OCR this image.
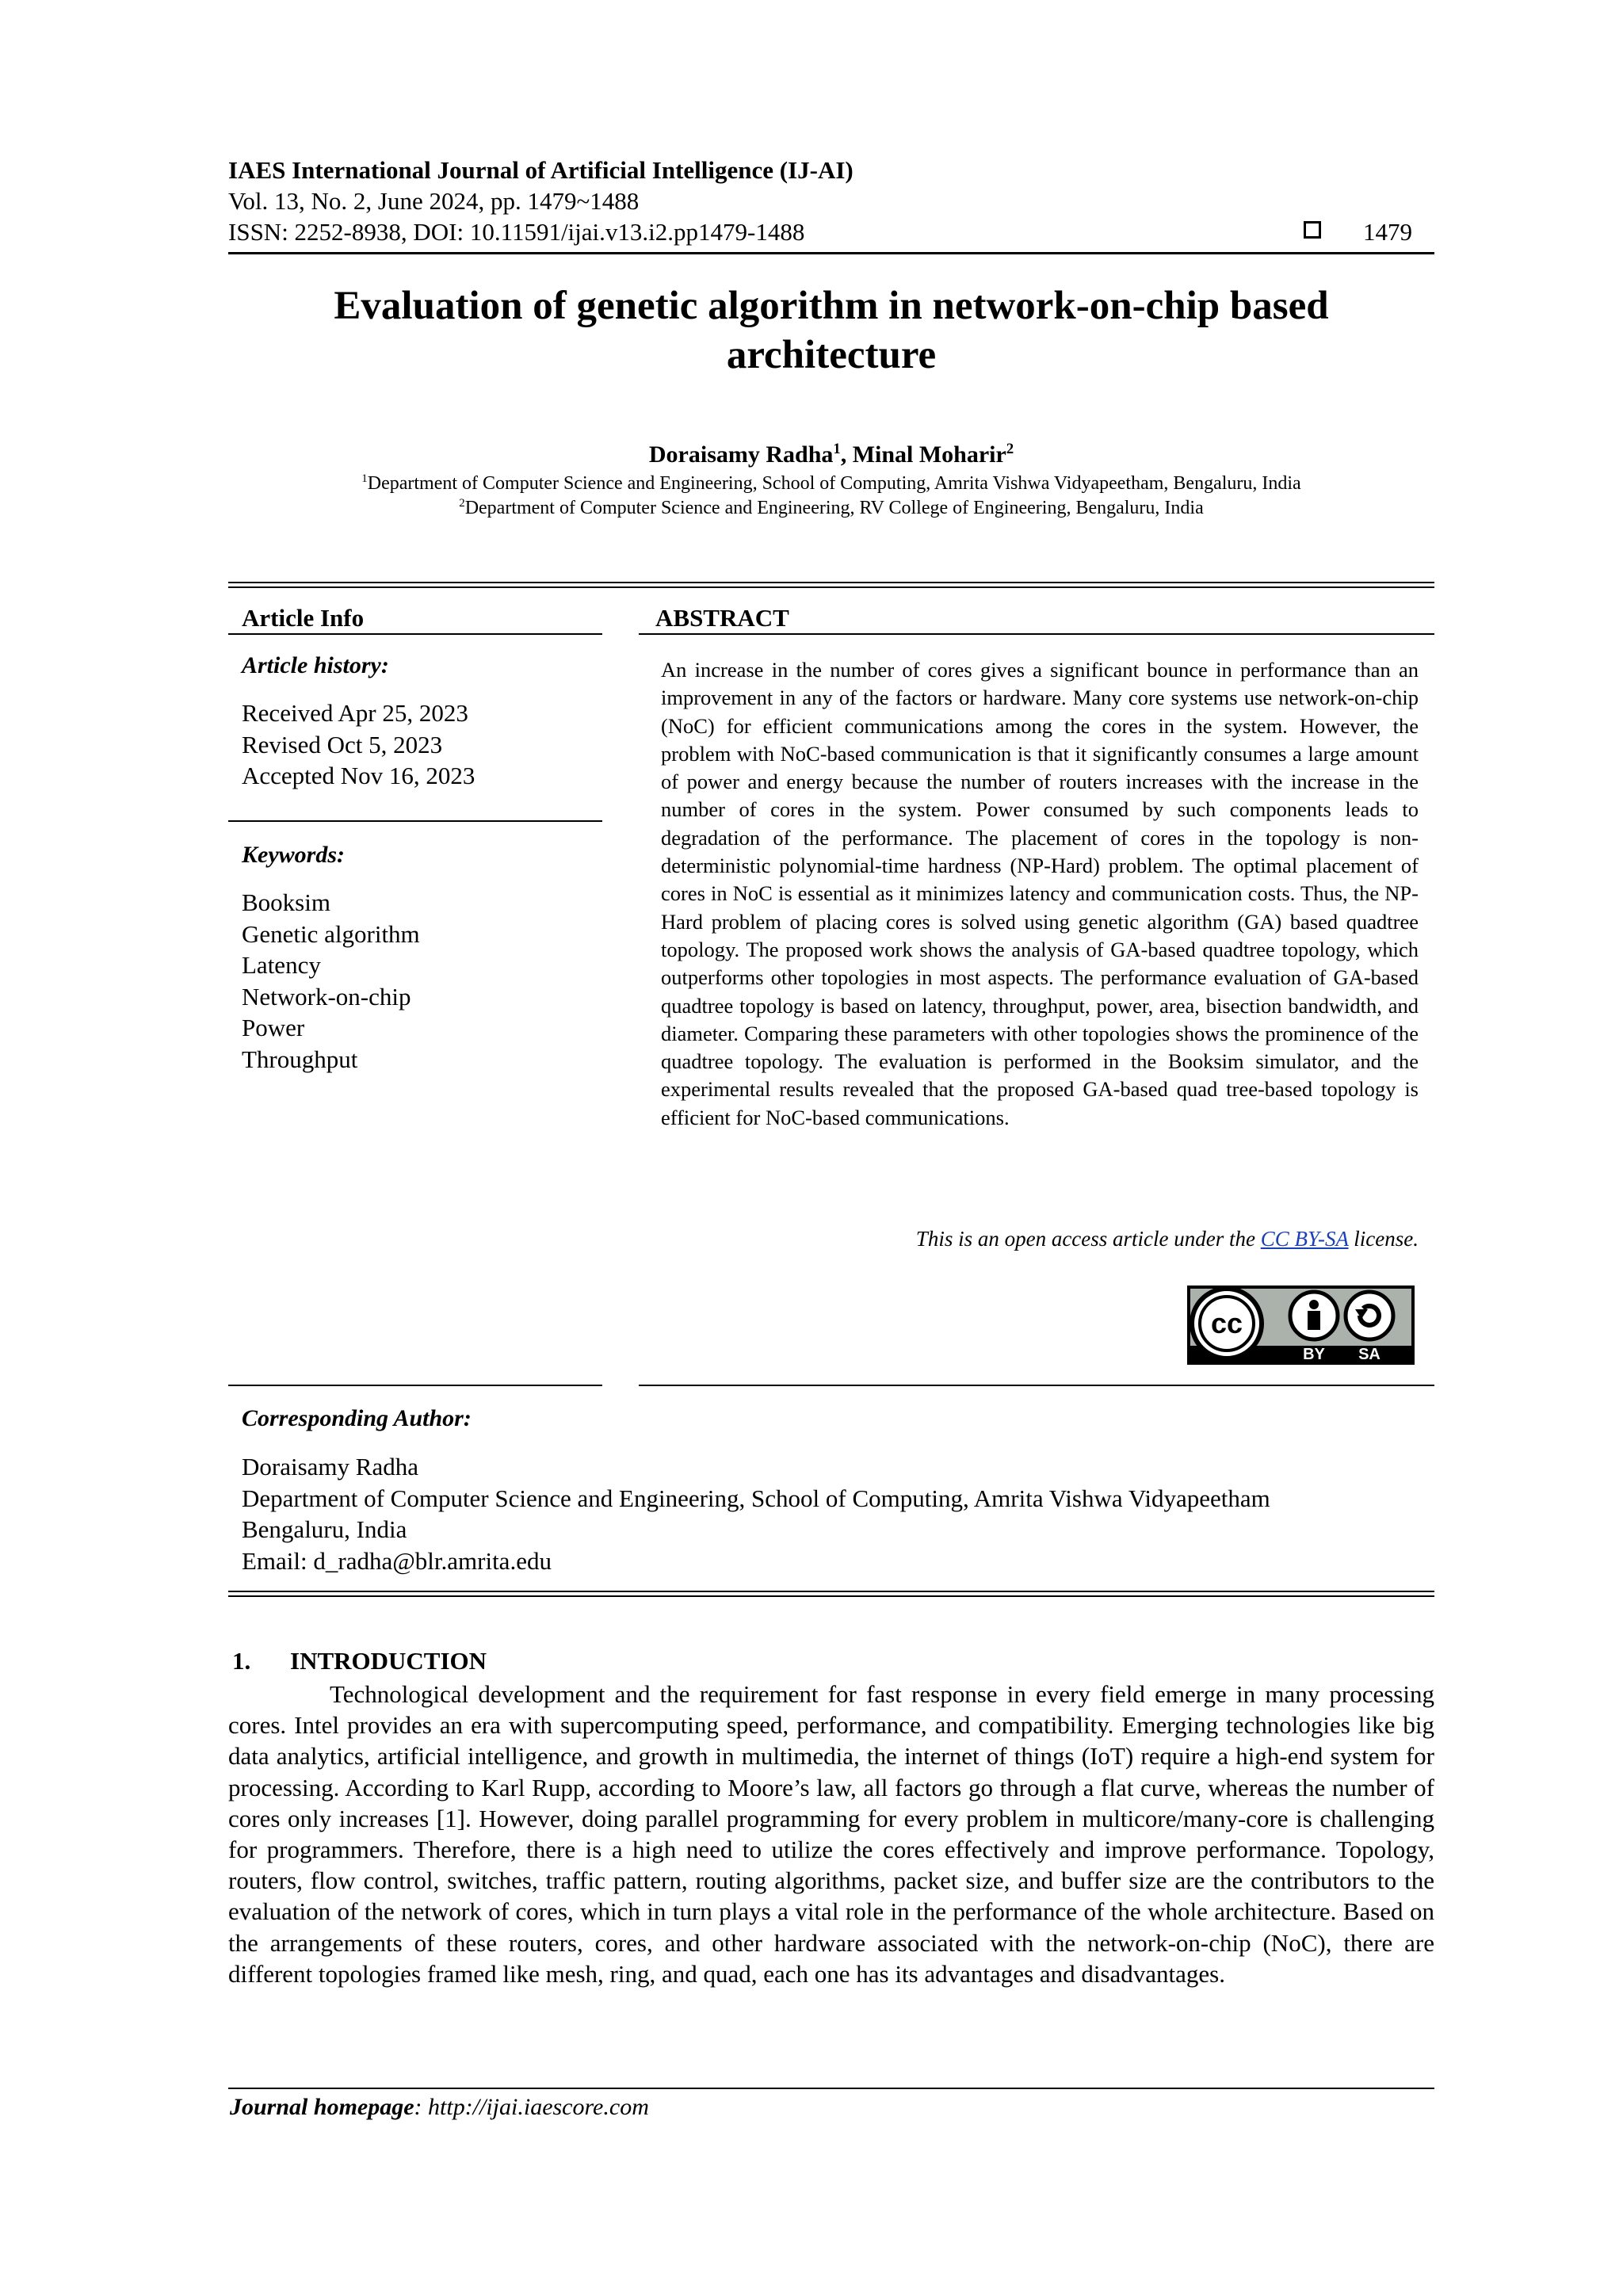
IAES International Journal of Artificial Intelligence (IJ-AI)
Vol. 13, No. 2, June 2024, pp. 1479~1488
ISSN: 2252-8938, DOI: 10.11591/ijai.v13.i2.pp1479-1488	1479
Evaluation of genetic algorithm in network-on-chip based architecture
Doraisamy Radha$^1$, Minal Moharir$^2$
$^1$Department of Computer Science and Engineering, School of Computing, Amrita Vishwa Vidyapeetham, Bengaluru, India
$^2$Department of Computer Science and Engineering, RV College of Engineering, Bengaluru, India
Article Info
Article history:
Received Apr 25, 2023
Revised Oct 5, 2023
Accepted Nov 16, 2023
Keywords:
Booksim
Genetic algorithm
Latency
Network-on-chip
Power
Throughput
ABSTRACT
An increase in the number of cores gives a significant bounce in performance than an improvement in any of the factors or hardware. Many core systems use network-on-chip (NoC) for efficient communications among the cores in the system. However, the problem with NoC-based communication is that it significantly consumes a large amount of power and energy because the number of routers increases with the increase in the number of cores in the system. Power consumed by such components leads to degradation of the performance. The placement of cores in the topology is non-deterministic polynomial-time hardness (NP-Hard) problem. The optimal placement of cores in NoC is essential as it minimizes latency and communication costs. Thus, the NP-Hard problem of placing cores is solved using genetic algorithm (GA) based quadtree topology. The proposed work shows the analysis of GA-based quadtree topology, which outperforms other topologies in most aspects. The performance evaluation of GA-based quadtree topology is based on latency, throughput, power, area, bisection bandwidth, and diameter. Comparing these parameters with other topologies shows the prominence of the quadtree topology. The evaluation is performed in the Booksim simulator, and the experimental results revealed that the proposed GA-based quad tree-based topology is efficient for NoC-based communications.
This is an open access article under the CC BY-SA license.
cc
BY SA
Corresponding Author:
Doraisamy Radha
Department of Computer Science and Engineering, School of Computing, Amrita Vishwa Vidyapeetham
Bengaluru, India
Email: d_radha@blr.amrita.edu
1. INTRODUCTION
Technological development and the requirement for fast response in every field emerge in many processing cores. Intel provides an era with supercomputing speed, performance, and compatibility. Emerging technologies like big data analytics, artificial intelligence, and growth in multimedia, the internet of things (IoT) require a high-end system for processing. According to Karl Rupp, according to Moore’s law, all factors go through a flat curve, whereas the number of cores only increases [1]. However, doing parallel programming for every problem in multicore/many-core is challenging for programmers. Therefore, there is a high need to utilize the cores effectively and improve performance. Topology, routers, flow control, switches, traffic pattern, routing algorithms, packet size, and buffer size are the contributors to the evaluation of the network of cores, which in turn plays a vital role in the performance of the whole architecture. Based on the arrangements of these routers, cores, and other hardware associated with the network-on-chip (NoC), there are different topologies framed like mesh, ring, and quad, each one has its advantages and disadvantages.
Journal homepage: http://ijai.iaescore.com
